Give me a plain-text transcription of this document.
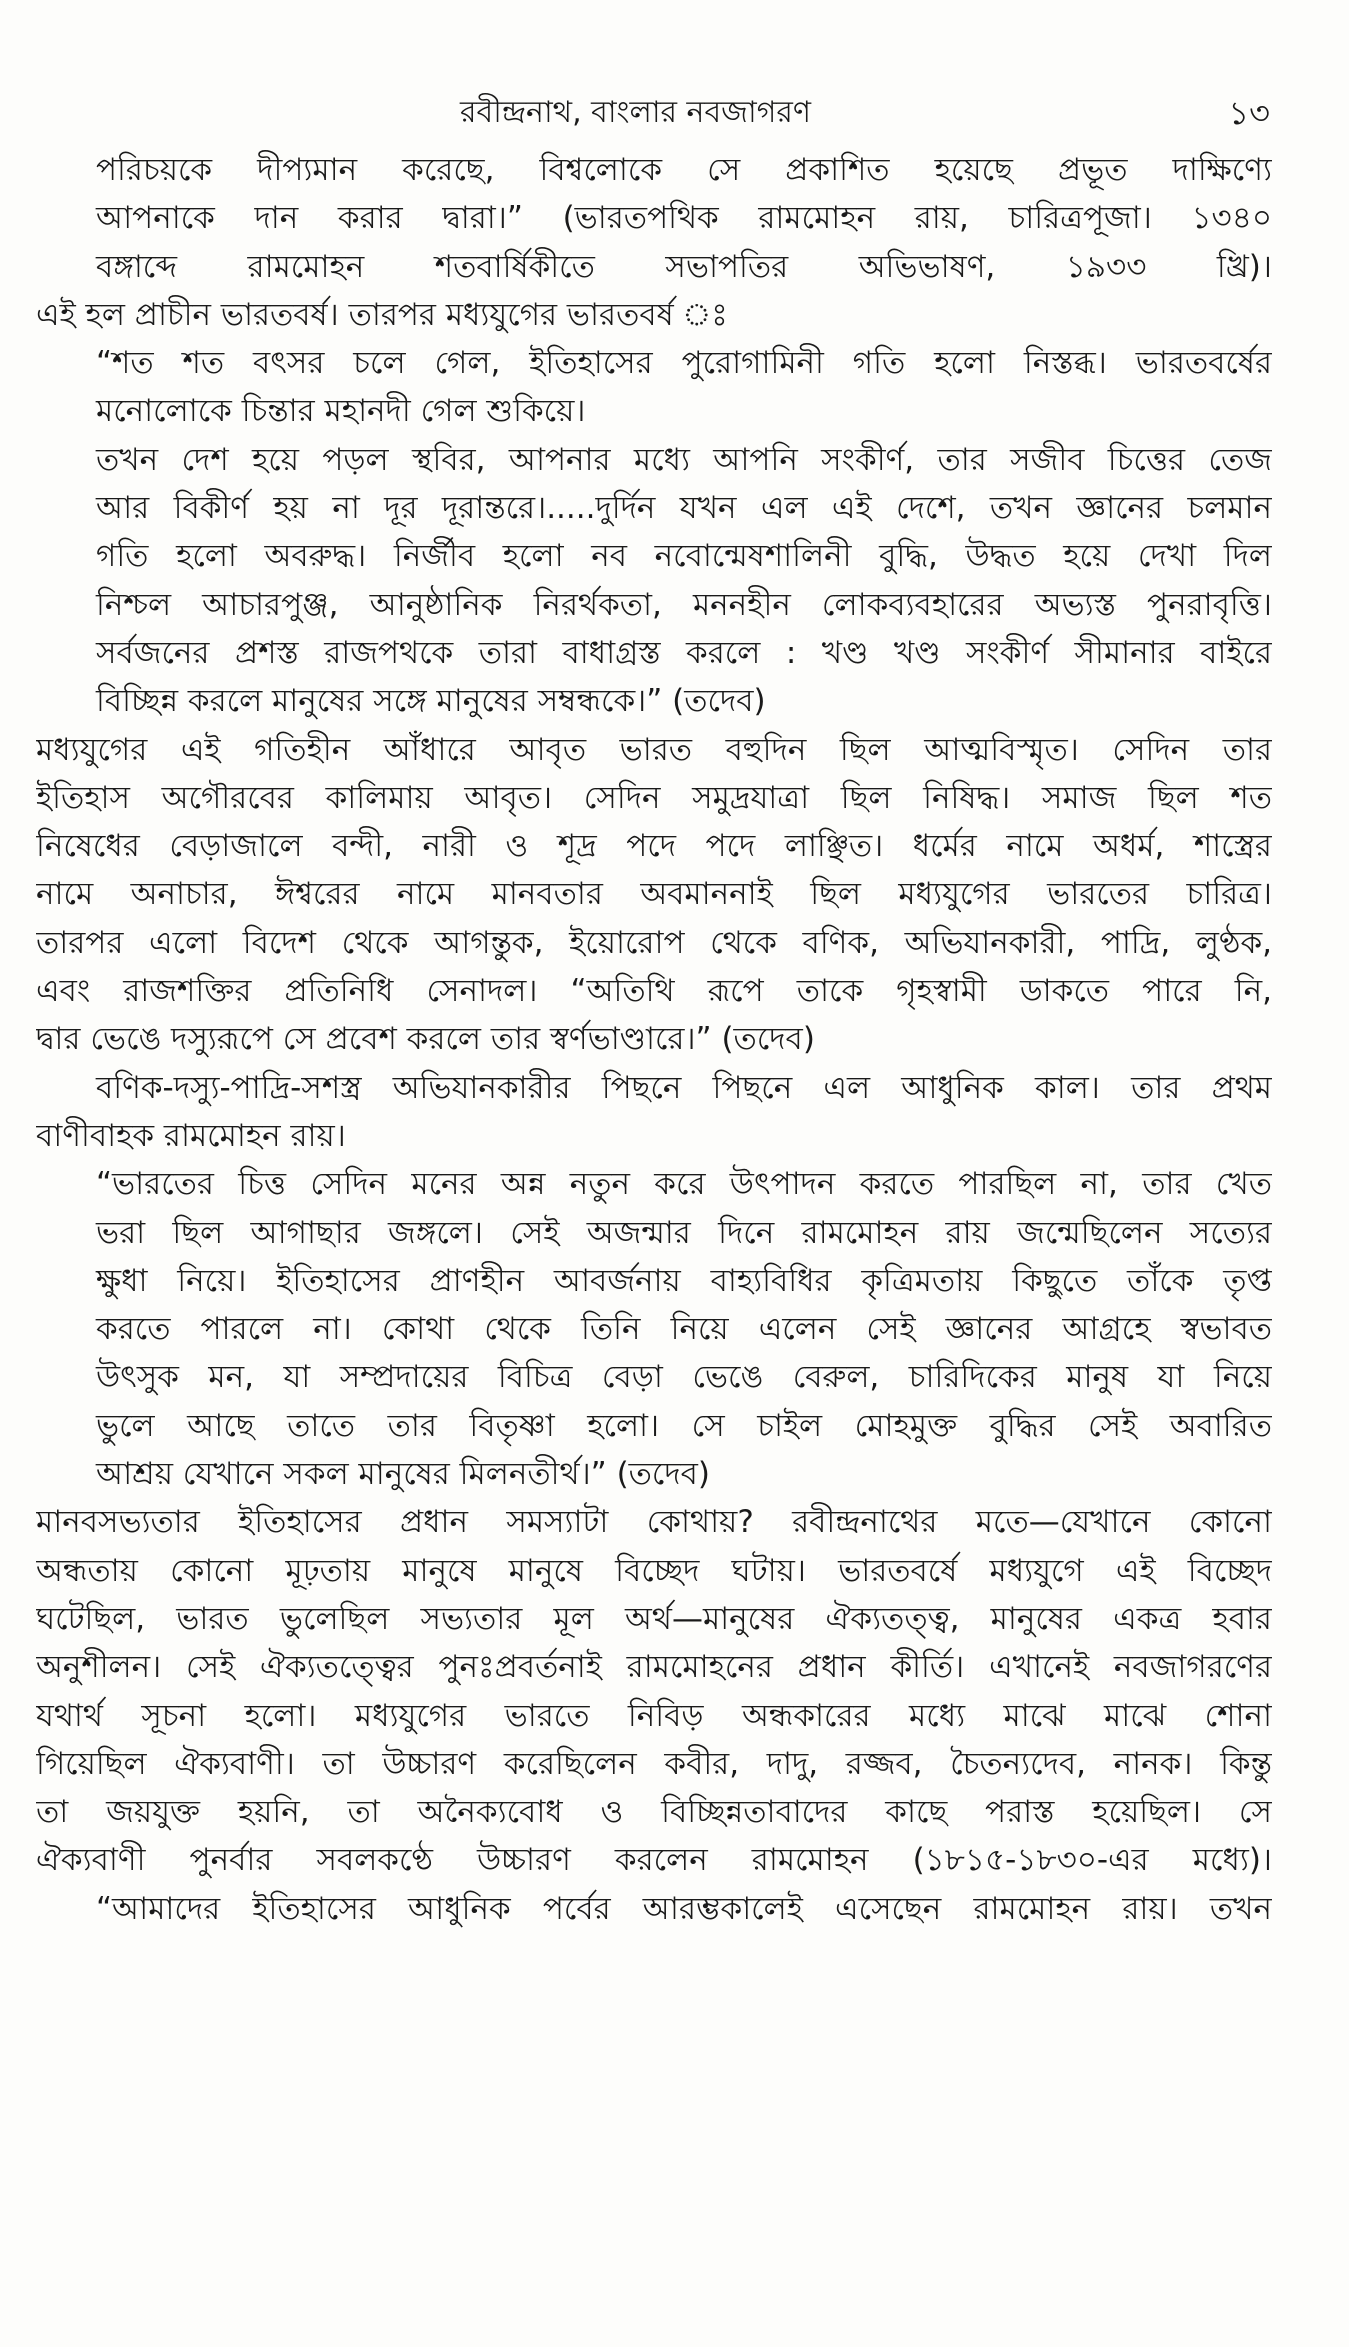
রবীন্দ্রনাথ, বাংলার নবজাগরণ	১৩
পরিচয়কে দীপ্যমান করেছে, বিশ্বলোকে সে প্রকাশিত হয়েছে প্রভূত দাক্ষিণ্যে
আপনাকে দান করার দ্বারা।” (ভারতপথিক রামমোহন রায়, চারিত্রপূজা। ১৩৪০
বঙ্গাব্দে রামমোহন শতবার্ষিকীতে সভাপতির অভিভাষণ, ১৯৩৩ খ্রি)।
এই হল প্রাচীন ভারতবর্ষ। তারপর মধ্যযুগের ভারতবর্ষ ঃ
“শত শত বৎসর চলে গেল, ইতিহাসের পুরোগামিনী গতি হলো নিস্তব্ধ। ভারতবর্ষের
মনোলোকে চিন্তার মহানদী গেল শুকিয়ে।
তখন দেশ হয়ে পড়ল স্থবির, আপনার মধ্যে আপনি সংকীর্ণ, তার সজীব চিত্তের তেজ
আর বিকীর্ণ হয় না দূর দূরান্তরে।.....দুর্দিন যখন এল এই দেশে, তখন জ্ঞানের চলমান
গতি হলো অবরুদ্ধ। নির্জীব হলো নব নবোন্মেষশালিনী বুদ্ধি, উদ্ধত হয়ে দেখা দিল
নিশ্চল আচারপুঞ্জ, আনুষ্ঠানিক নিরর্থকতা, মননহীন লোকব্যবহারের অভ্যস্ত পুনরাবৃত্তি।
সর্বজনের প্রশস্ত রাজপথকে তারা বাধাগ্রস্ত করলে : খণ্ড খণ্ড সংকীর্ণ সীমানার বাইরে
বিচ্ছিন্ন করলে মানুষের সঙ্গে মানুষের সম্বন্ধকে।” (তদেব)
মধ্যযুগের এই গতিহীন আঁধারে আবৃত ভারত বহুদিন ছিল আত্মবিস্মৃত। সেদিন তার
ইতিহাস অগৌরবের কালিমায় আবৃত। সেদিন সমুদ্রযাত্রা ছিল নিষিদ্ধ। সমাজ ছিল শত
নিষেধের বেড়াজালে বন্দী, নারী ও শূদ্র পদে পদে লাঞ্ছিত। ধর্মের নামে অধর্ম, শাস্ত্রের
নামে অনাচার, ঈশ্বরের নামে মানবতার অবমাননাই ছিল মধ্যযুগের ভারতের চারিত্র।
তারপর এলো বিদেশ থেকে আগন্তুক, ইয়োরোপ থেকে বণিক, অভিযানকারী, পাদ্রি, লুণ্ঠক,
এবং রাজশক্তির প্রতিনিধি সেনাদল। “অতিথি রূপে তাকে গৃহস্বামী ডাকতে পারে নি,
দ্বার ভেঙে দস্যুরূপে সে প্রবেশ করলে তার স্বর্ণভাণ্ডারে।” (তদেব)
বণিক-দস্যু-পাদ্রি-সশস্ত্র অভিযানকারীর পিছনে পিছনে এল আধুনিক কাল। তার প্রথম
বাণীবাহক রামমোহন রায়।
“ভারতের চিত্ত সেদিন মনের অন্ন নতুন করে উৎপাদন করতে পারছিল না, তার খেত
ভরা ছিল আগাছার জঙ্গলে। সেই অজন্মার দিনে রামমোহন রায় জন্মেছিলেন সত্যের
ক্ষুধা নিয়ে। ইতিহাসের প্রাণহীন আবর্জনায় বাহ্যবিধির কৃত্রিমতায় কিছুতে তাঁকে তৃপ্ত
করতে পারলে না। কোথা থেকে তিনি নিয়ে এলেন সেই জ্ঞানের আগ্রহে স্বভাবত
উৎসুক মন, যা সম্প্রদায়ের বিচিত্র বেড়া ভেঙে বেরুল, চারিদিকের মানুষ যা নিয়ে
ভুলে আছে তাতে তার বিতৃষ্ণা হলো। সে চাইল মোহমুক্ত বুদ্ধির সেই অবারিত
আশ্রয় যেখানে সকল মানুষের মিলনতীর্থ।” (তদেব)
মানবসভ্যতার ইতিহাসের প্রধান সমস্যাটা কোথায়? রবীন্দ্রনাথের মতে—যেখানে কোনো
অন্ধতায় কোনো মূঢ়তায় মানুষে মানুষে বিচ্ছেদ ঘটায়। ভারতবর্ষে মধ্যযুগে এই বিচ্ছেদ
ঘটেছিল, ভারত ভুলেছিল সভ্যতার মূল অর্থ—মানুষের ঐক্যতত্ত্ব, মানুষের একত্র হবার
অনুশীলন। সেই ঐক্যতত্ত্বের পুনঃপ্রবর্তনাই রামমোহনের প্রধান কীর্তি। এখানেই নবজাগরণের
যথার্থ সূচনা হলো। মধ্যযুগের ভারতে নিবিড় অন্ধকারের মধ্যে মাঝে মাঝে শোনা
গিয়েছিল ঐক্যবাণী। তা উচ্চারণ করেছিলেন কবীর, দাদু, রজ্জব, চৈতন্যদেব, নানক। কিন্তু
তা জয়যুক্ত হয়নি, তা অনৈক্যবোধ ও বিচ্ছিন্নতাবাদের কাছে পরাস্ত হয়েছিল। সে
ঐক্যবাণী পুনর্বার সবলকণ্ঠে উচ্চারণ করলেন রামমোহন (১৮১৫-১৮৩০-এর মধ্যে)।
“আমাদের ইতিহাসের আধুনিক পর্বের আরম্ভকালেই এসেছেন রামমোহন রায়। তখন
